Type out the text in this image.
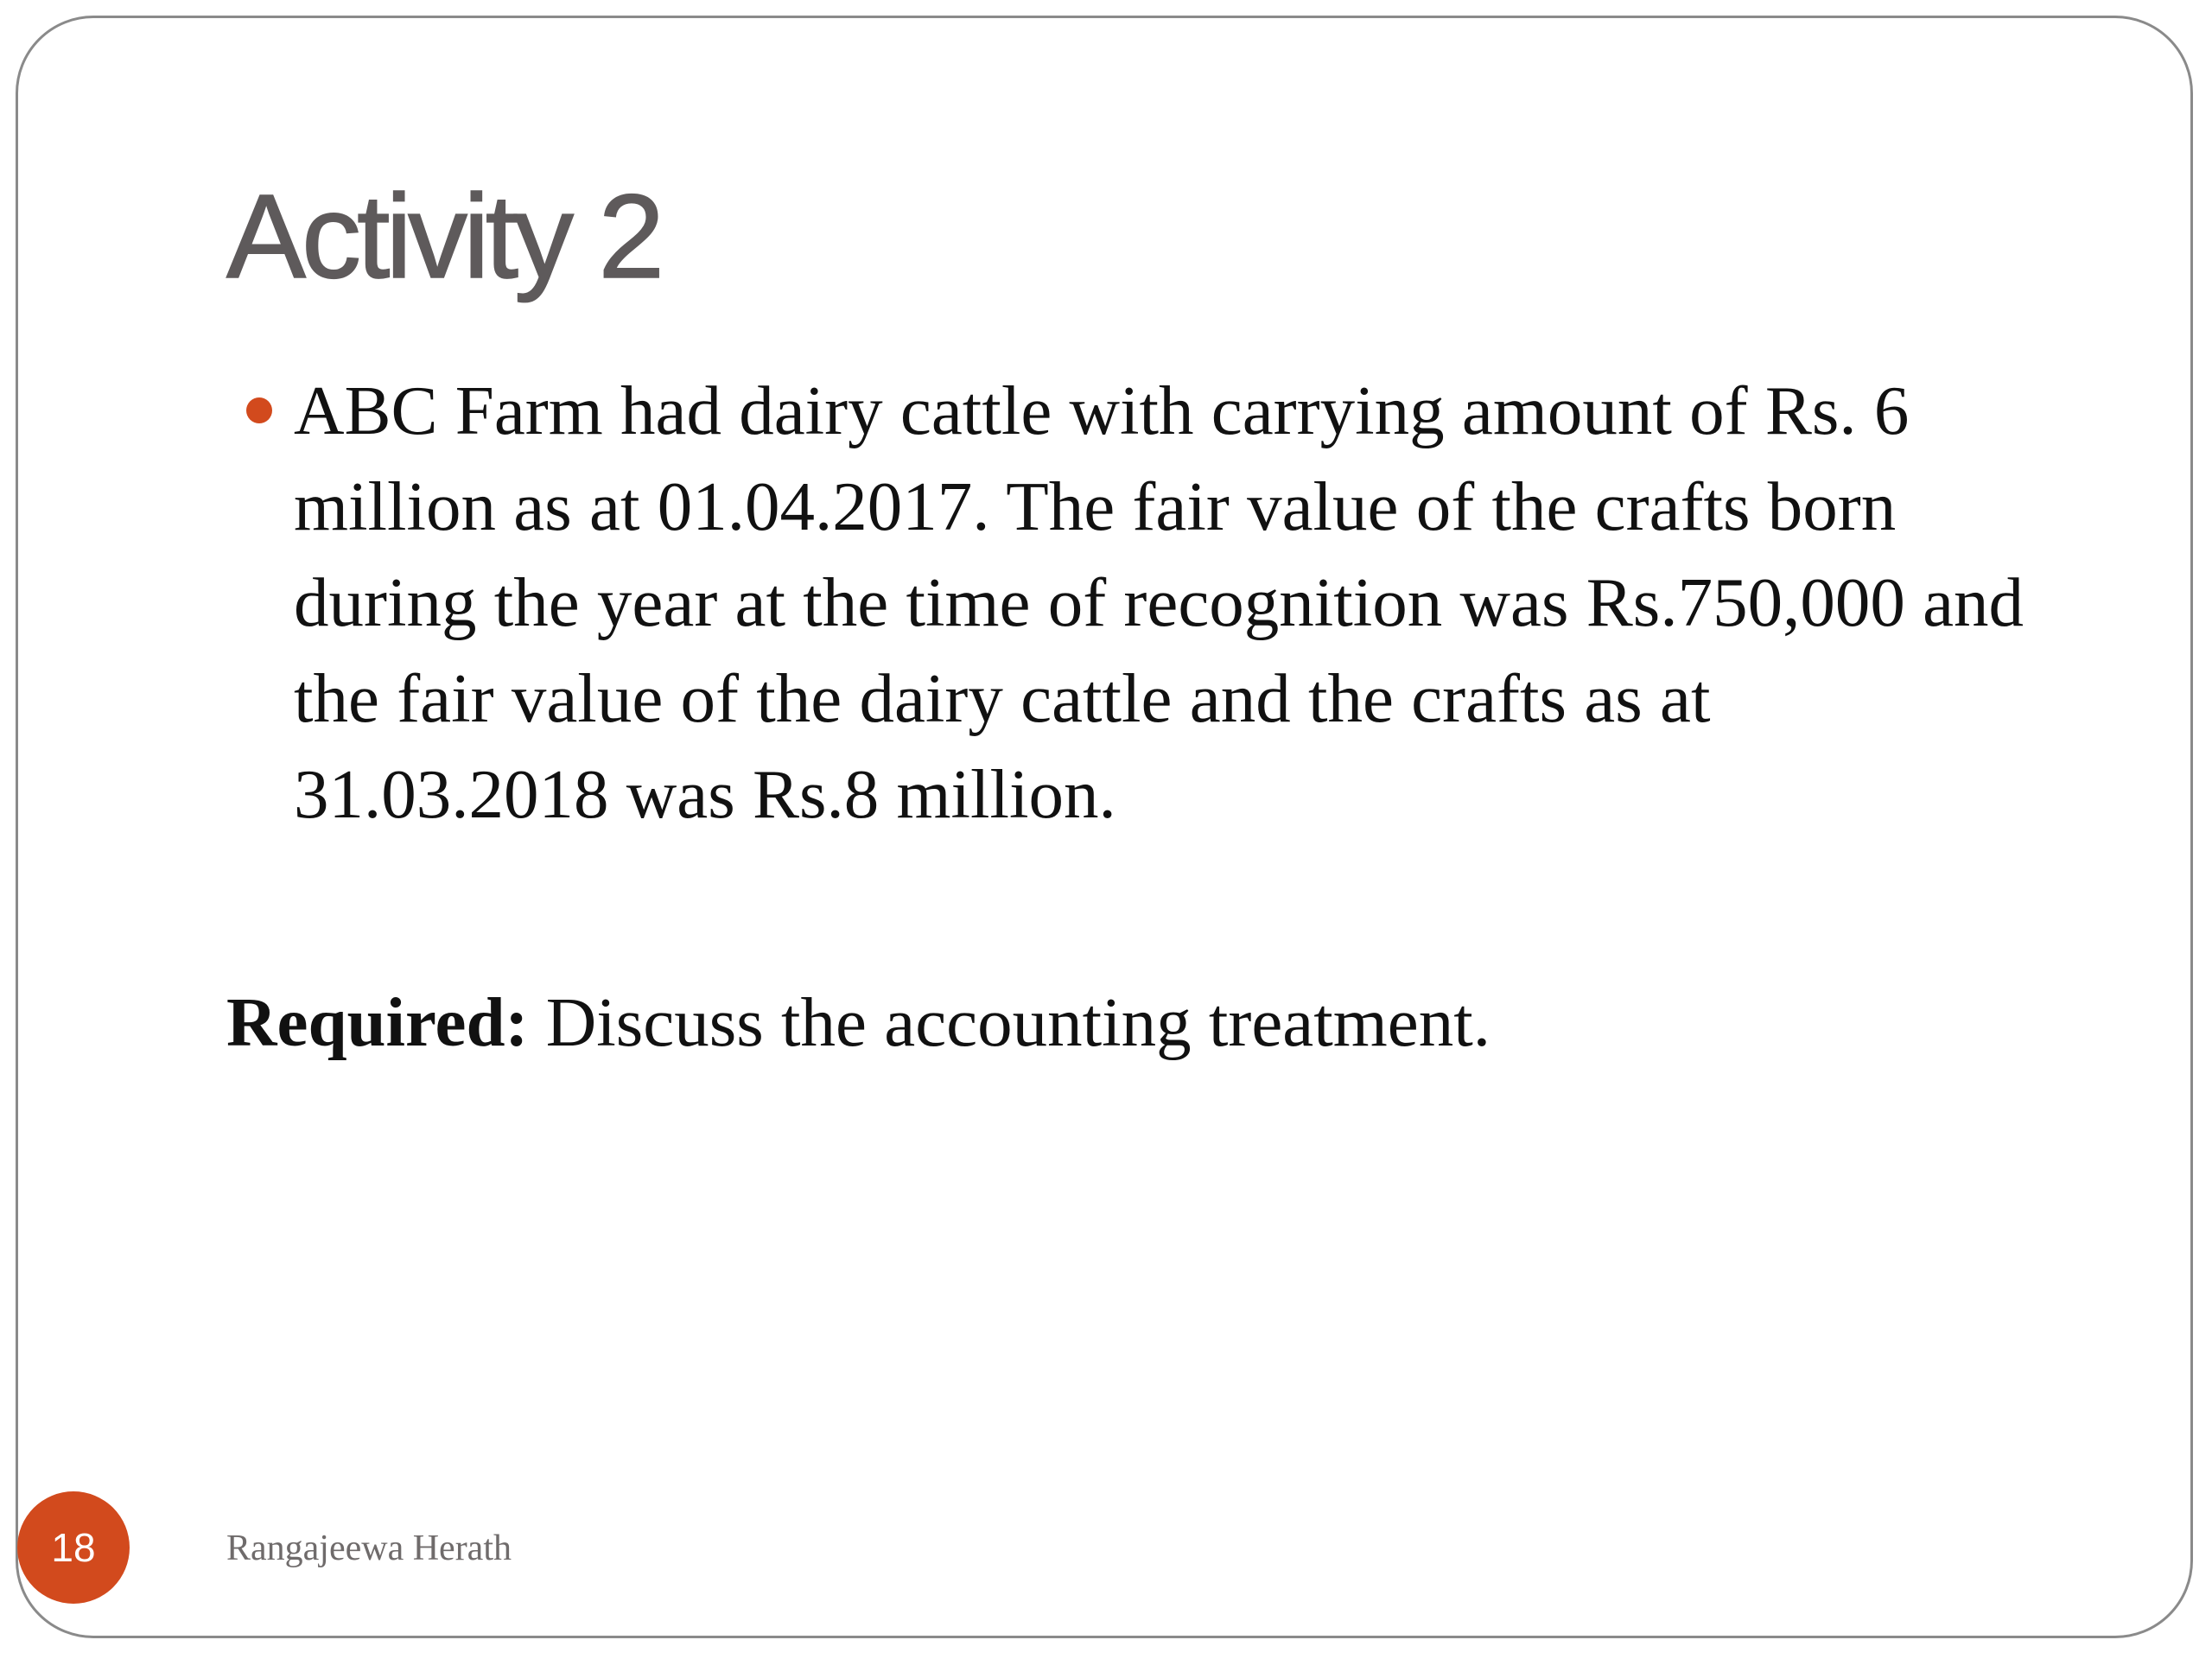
Activity 2

ABC Farm had dairy cattle with carrying amount of Rs. 6 million as at 01.04.2017. The fair value of the crafts born during the year at the time of recognition was Rs.750,000 and the fair value of the dairy cattle and the crafts as at 31.03.2018 was Rs.8 million.

Required: Discuss the accounting treatment.

18	Rangajeewa Herath
